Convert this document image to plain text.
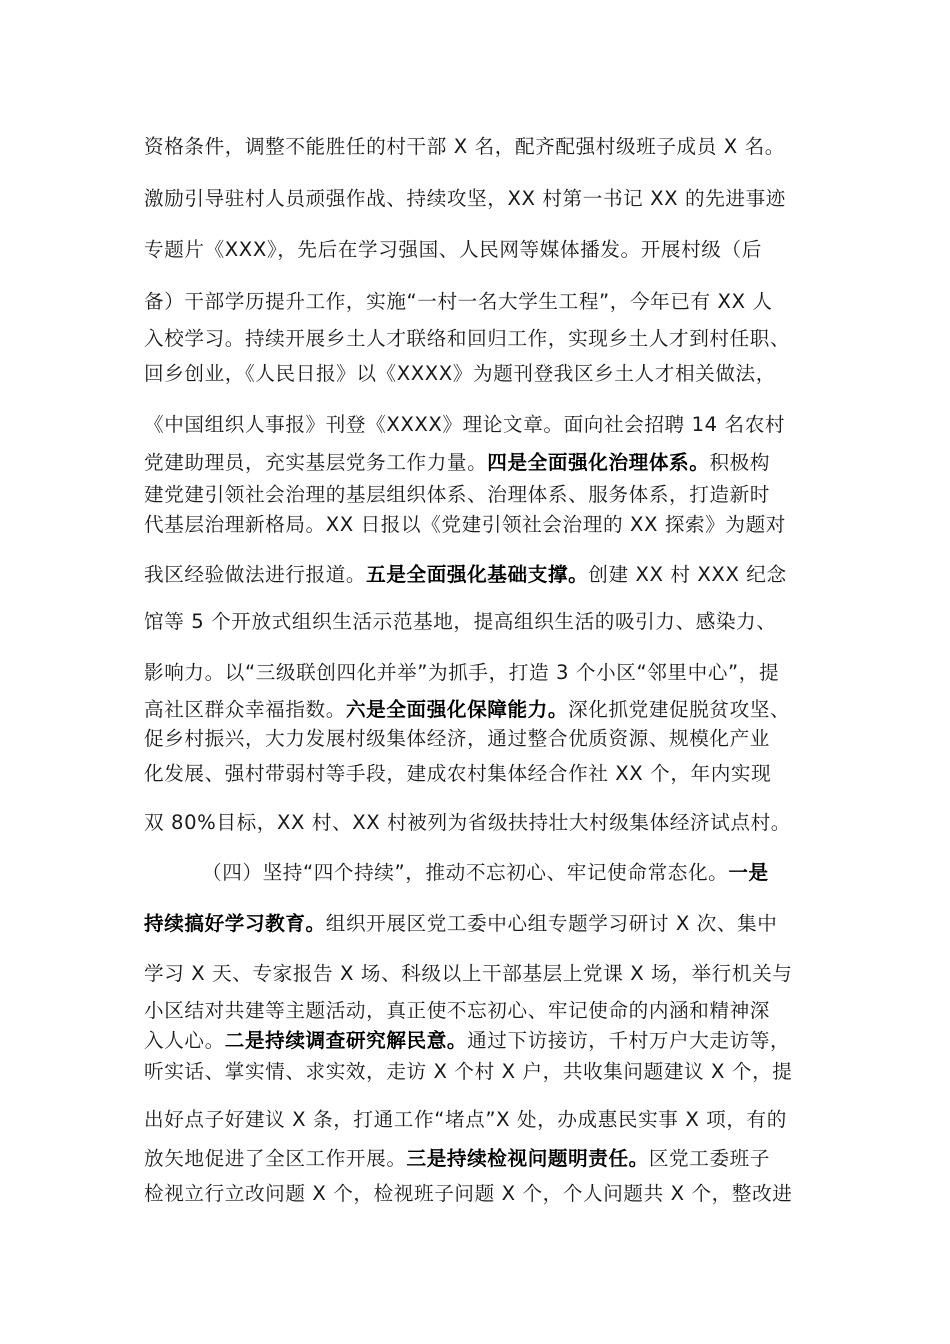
资格条件，调整不能胜任的村干部 X 名，配齐配强村级班子成员 X 名。
激励引导驻村人员顽强作战、持续攻坚，XX 村第一书记 XX 的先进事迹
专题片《XXX》，先后在学习强国、人民网等媒体播发。开展村级（后
备）干部学历提升工作，实施“一村一名大学生工程”，今年已有 XX 人
入校学习。持续开展乡土人才联络和回归工作，实现乡土人才到村任职、
回乡创业，《人民日报》以《XXXX》为题刊登我区乡土人才相关做法，
《中国组织人事报》刊登《XXXX》理论文章。面向社会招聘 14 名农村
党建助理员，充实基层党务工作力量。四是全面强化治理体系。积极构
建党建引领社会治理的基层组织体系、治理体系、服务体系，打造新时
代基层治理新格局。XX 日报以《党建引领社会治理的 XX 探索》为题对
我区经验做法进行报道。五是全面强化基础支撑。创建 XX 村 XXX 纪念
馆等 5 个开放式组织生活示范基地，提高组织生活的吸引力、感染力、
影响力。以“三级联创四化并举”为抓手，打造 3 个小区“邻里中心”，提
高社区群众幸福指数。六是全面强化保障能力。深化抓党建促脱贫攻坚、
促乡村振兴，大力发展村级集体经济，通过整合优质资源、规模化产业
化发展、强村带弱村等手段，建成农村集体经合作社 XX 个，年内实现
双 80%目标，XX 村、XX 村被列为省级扶持壮大村级集体经济试点村。
（四）坚持“四个持续”，推动不忘初心、牢记使命常态化。一是
持续搞好学习教育。组织开展区党工委中心组专题学习研讨 X 次、集中
学习 X 天、专家报告 X 场、科级以上干部基层上党课 X 场，举行机关与
小区结对共建等主题活动，真正使不忘初心、牢记使命的内涵和精神深
入人心。二是持续调查研究解民意。通过下访接访，千村万户大走访等，
听实话、掌实情、求实效，走访 X 个村 X 户，共收集问题建议 X 个，提
出好点子好建议 X 条，打通工作“堵点”X 处，办成惠民实事 X 项，有的
放矢地促进了全区工作开展。三是持续检视问题明责任。区党工委班子
检视立行立改问题 X 个，检视班子问题 X 个，个人问题共 X 个，整改进
